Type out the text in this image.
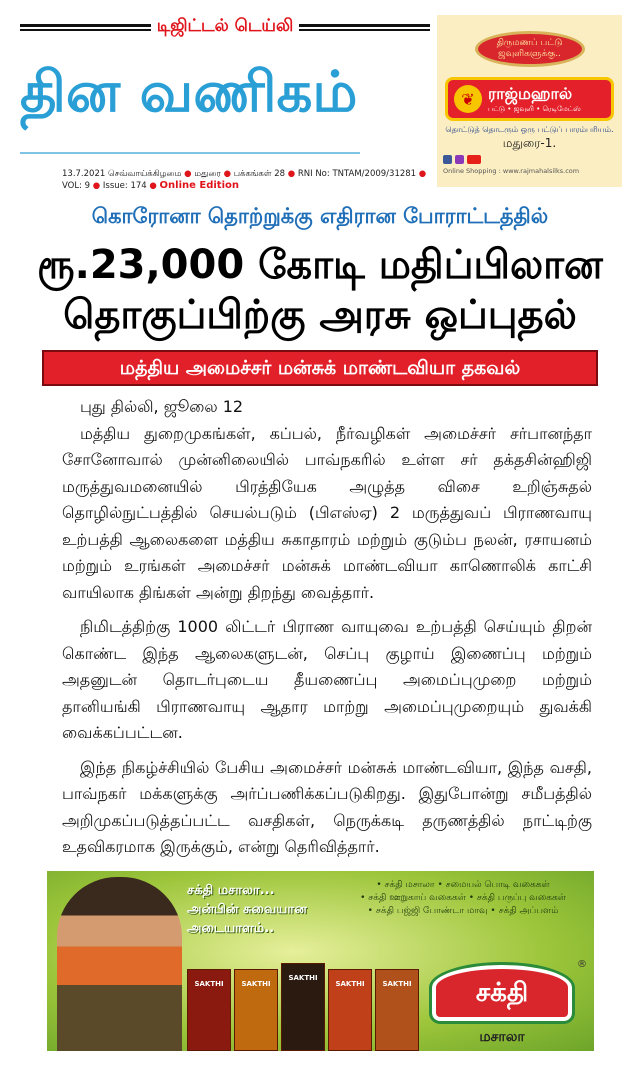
டிஜிட்டல் டெய்லி
தின வணிகம்
திருமணப் பட்டு ஜவுளிகளுக்கு..
❦ ராஜ்மஹால்
பட்டு • ஜவுளி • ரெடிமேட்ஸ்
தொட்டுத் தொடரும் ஒரு பட்டுப் பாரம்பரியம்.
மதுரை-1.
Online Shopping : www.rajmahalsilks.com
13.7.2021 செவ்வாய்க்கிழமை ● மதுரை ● பக்கங்கள் 28 ● RNI No: TNTAM/2009/31281 ● VOL: 9 ● Issue: 174 ● Online Edition
கொரோனா தொற்றுக்கு எதிரான போராட்டத்தில்
ரூ.23,000 கோடி மதிப்பிலான
தொகுப்பிற்கு அரசு ஒப்புதல்
மத்திய அமைச்சர் மன்சுக் மாண்டவியா தகவல்

புது தில்லி, ஜூலை 12

மத்திய துறைமுகங்கள், கப்பல், நீர்வழிகள் அமைச்சர் சர்பானந்தா சோனோவால் முன்னிலையில் பாவ்நகரில் உள்ள சர் தக்தசின்ஹிஜி மருத்துவமனையில் பிரத்தியேக அழுத்த விசை உறிஞ்சுதல் தொழில்நுட்பத்தில் செயல்படும் (பிஎஸ்ஏ) 2 மருத்துவப் பிராணவாயு உற்பத்தி ஆலைகளை மத்திய சுகாதாரம் மற்றும் குடும்ப நலன், ரசாயனம் மற்றும் உரங்கள் அமைச்சர் மன்சுக் மாண்டவியா காணொலிக் காட்சி வாயிலாக திங்கள் அன்று திறந்து வைத்தார்.

நிமிடத்திற்கு 1000 லிட்டர் பிராண வாயுவை உற்பத்தி செய்யும் திறன் கொண்ட இந்த ஆலைகளுடன், செப்பு குழாய் இணைப்பு மற்றும் அதனுடன் தொடர்புடைய தீயணைப்பு அமைப்புமுறை மற்றும் தானியங்கி பிராணவாயு ஆதார மாற்று அமைப்புமுறையும் துவக்கி வைக்கப்பட்டன.

இந்த நிகழ்ச்சியில் பேசிய அமைச்சர் மன்சுக் மாண்டவியா, இந்த வசதி, பாவ்நகர் மக்களுக்கு அர்ப்பணிக்கப்படுகிறது. இதுபோன்று சமீபத்தில் அறிமுகப்படுத்தப்பட்ட வசதிகள், நெருக்கடி தருணத்தில் நாட்டிற்கு உதவிகரமாக இருக்கும், என்று தெரிவித்தார்.

சக்தி மசாலா...
அன்பின் சுவையான
அடையாளம்..
• சக்தி மசாலா • சமையல் பொடி வகைகள்
• சக்தி ஊறுகாய் வகைகள் • சக்தி பருப்பு வகைகள்
• சக்தி பஜ்ஜி போண்டா மாவு • சக்தி அப்பளம்
SAKTHI	SAKTHI
SAKTHI
SAKTHI	SAKTHI	சக்தி
®
மசாலா
